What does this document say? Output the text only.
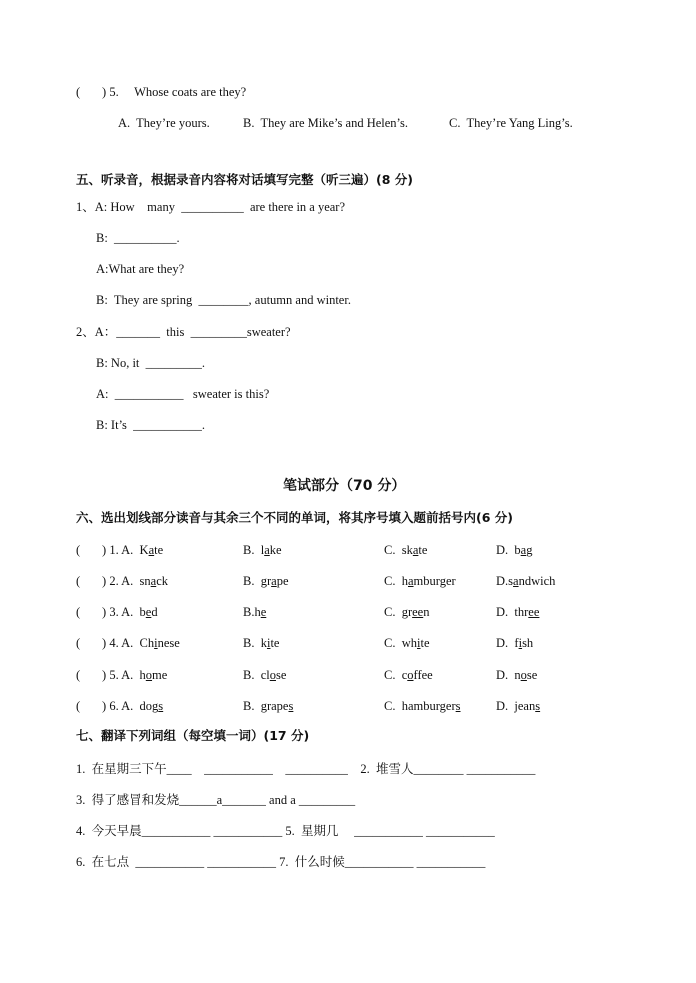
(       ) 5.     Whose coats are they?
A.  They’re yours.	B.  They are Mike’s and Helen’s.	C.  They’re Yang Ling’s.
五、听录音，根据录音内容将对话填写完整（听三遍）(8 分)
1、A: How    many  __________  are there in a year?
B:  __________.
A:What are they?
B:  They are spring  ________, autumn and winter.
2、A：_______  this  _________sweater?
B: No, it  _________.
A:  ___________   sweater is this?
B: It’s  ___________.
笔试部分（70 分）
六、选出划线部分读音与其余三个不同的单词，将其序号填入题前括号内(6 分)
(       ) 1. A.  Kate	B.  lake	C.  skate	D.  bag
(       ) 2. A.  snack	B.  grape	C.  hamburger	D.sandwich
(       ) 3. A.  bed	B.he	C.  green	D.  three
(       ) 4. A.  Chinese	B.  kite	C.  white	D.  fish
(       ) 5. A.  home	B.  close	C.  coffee	D.  nose
(       ) 6. A.  dogs	B.  grapes	C.  hamburgers	D.  jeans
七、翻译下列词组（每空填一词）(17 分)
1.  在星期三下午____    ___________    __________    2.  堆雪人________ ___________
3.  得了感冒和发烧______a_______ and a _________
4.  今天早晨___________ ___________ 5.  星期几     ___________ ___________
6.  在七点  ___________ ___________ 7.  什么时候___________ ___________
